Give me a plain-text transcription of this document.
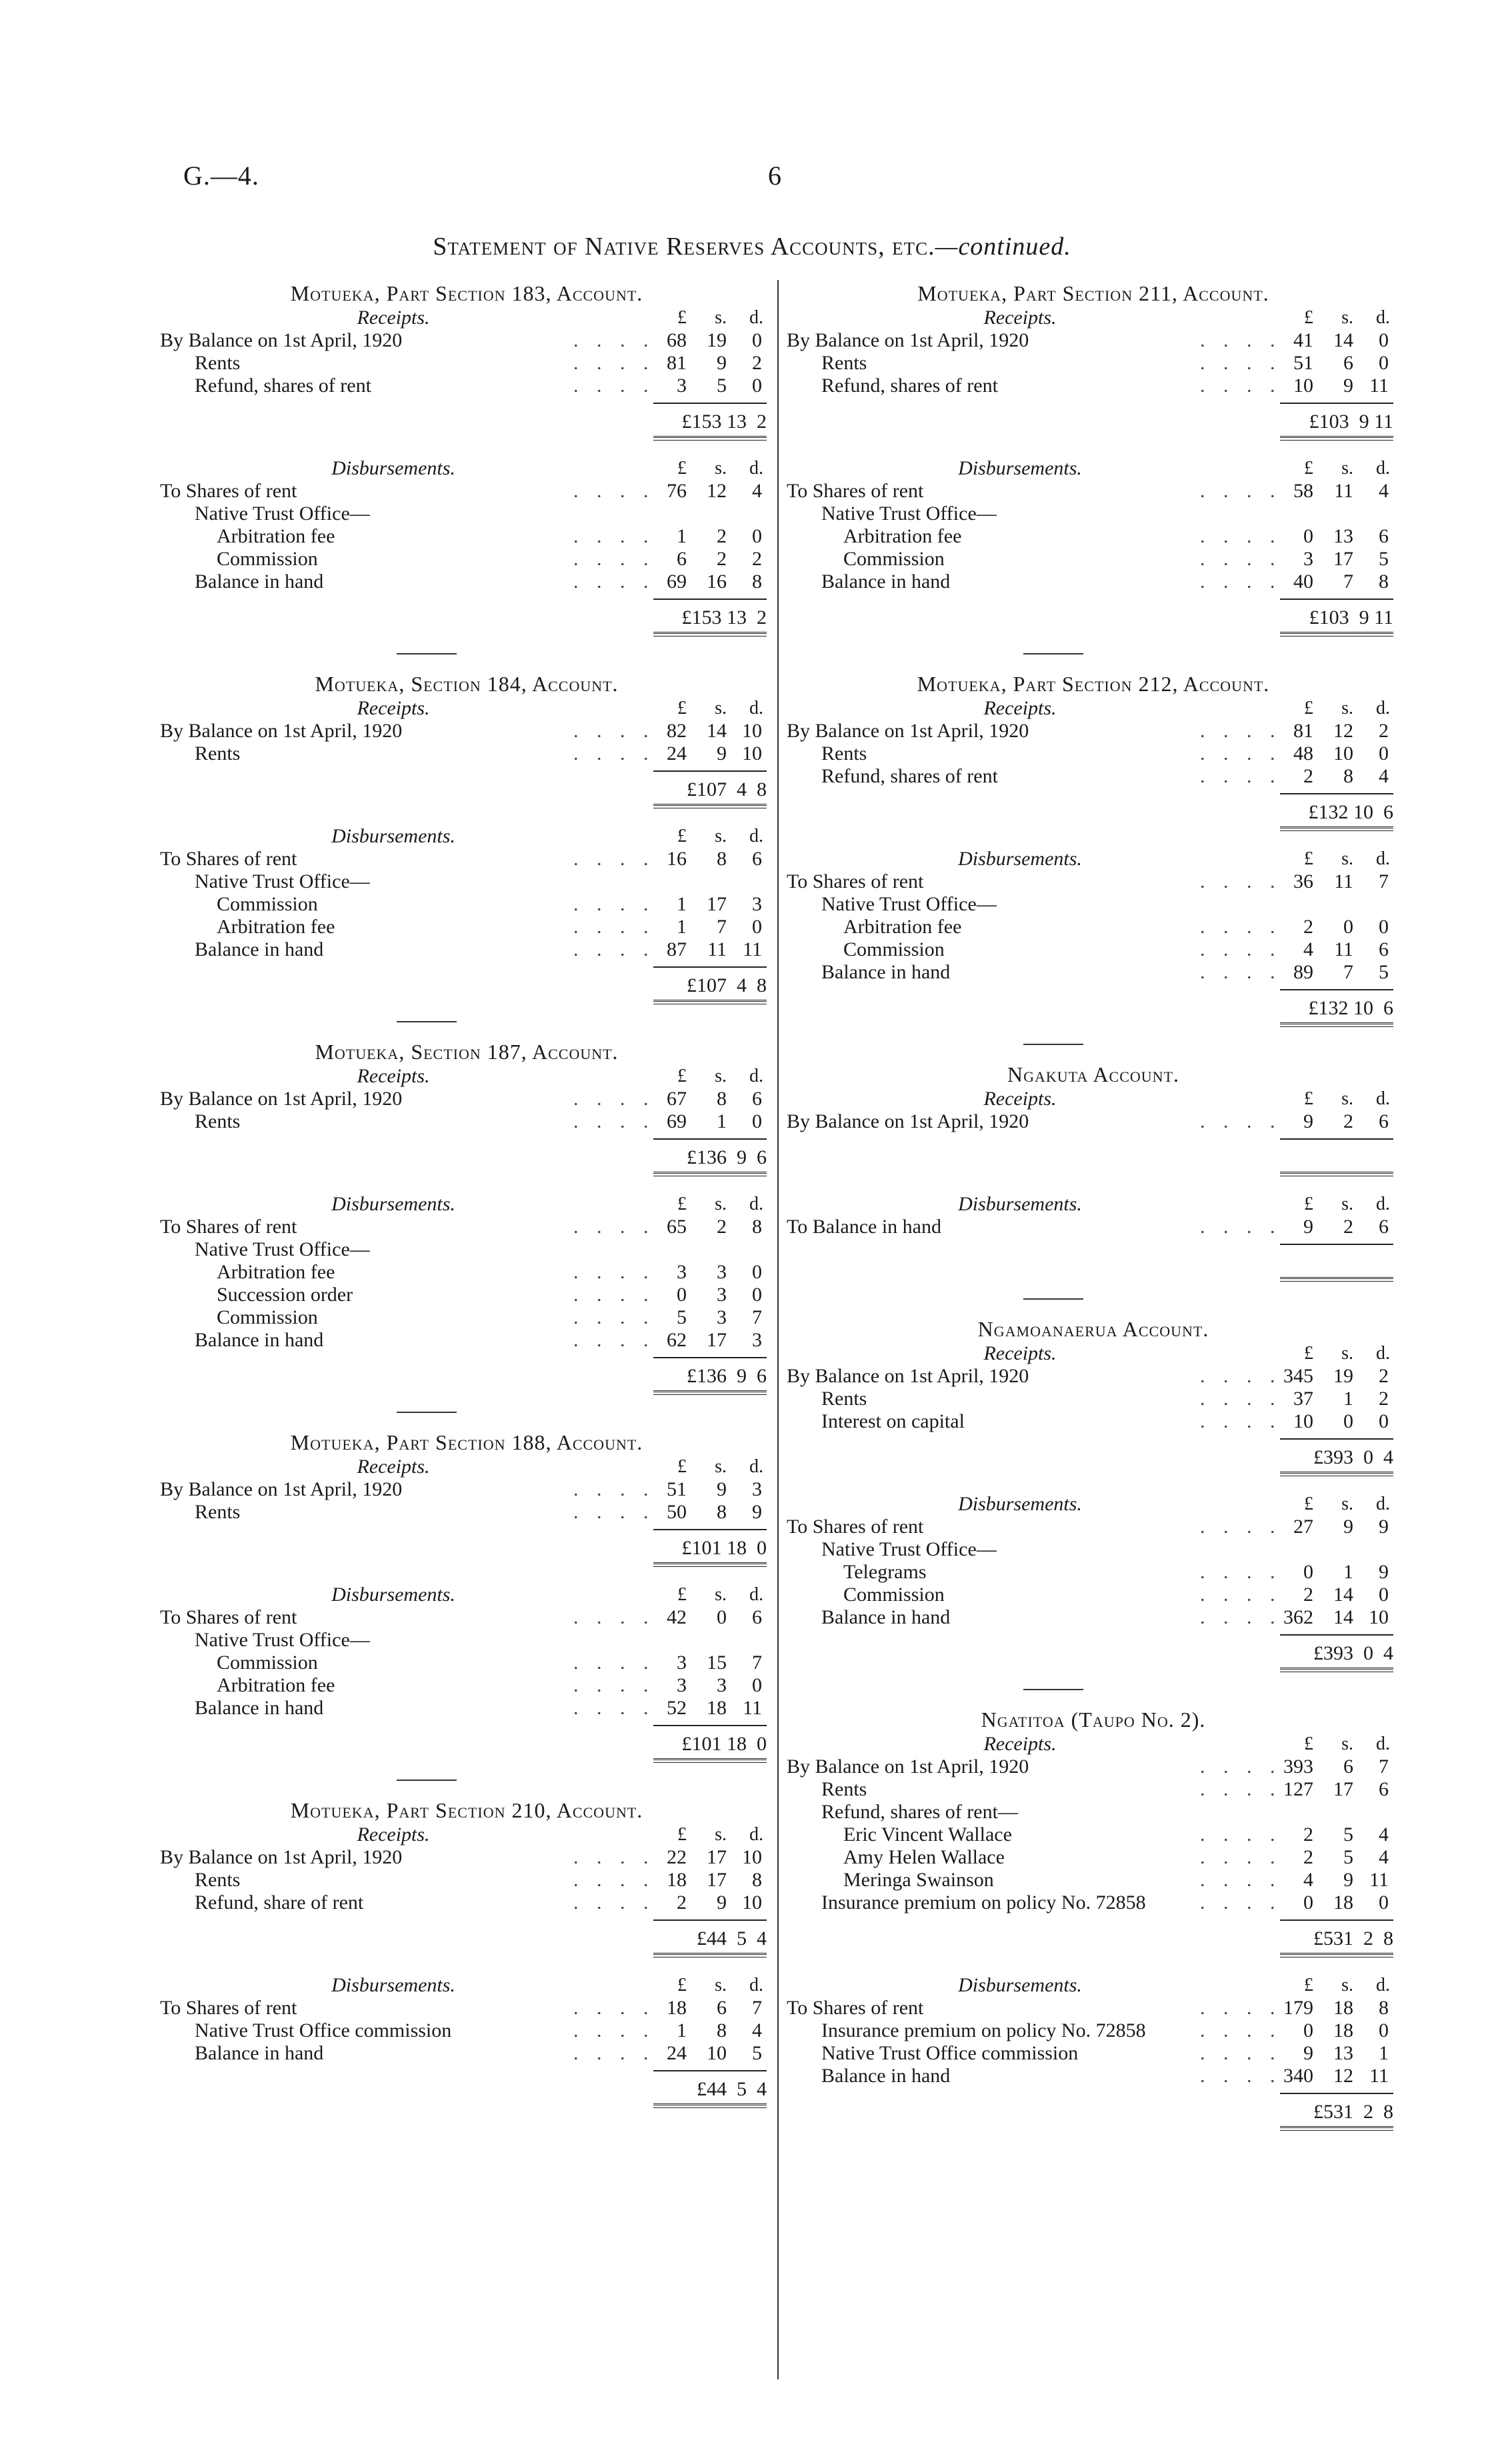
G.—4.	6
Statement of Native Reserves Accounts, etc.—continued.
Motueka, Part Section 183, Account.
Receipts.	£	s.	d.
By Balance on 1st April, 1920	. . . . 68	19	0
Rents	. . . . 81	9	2
Refund, shares of rent	. . . .	3	5	0
£153 13  2
Disbursements.	£	s.	d.
To Shares of rent	. . . . 76	12	4
Native Trust Office—
Arbitration fee	. . . .	1	2	0
Commission	. . . .	6	2	2
Balance in hand	. . . . 69	16	8
£153 13  2
Motueka, Section 184, Account.
Receipts.	£	s.	d.
By Balance on 1st April, 1920	. . . . 82	14 10
Rents	. . . . 24	9 10
£107  4  8
Disbursements.	£	s.	d.
To Shares of rent	. . . . 16	8	6
Native Trust Office—
Commission	. . . .	1	17	3
Arbitration fee	. . . .	1	7	0
Balance in hand	. . . . 87	11 11
£107  4  8
Motueka, Section 187, Account.
Receipts.	£	s.	d.
By Balance on 1st April, 1920	. . . . 67	8	6
Rents	. . . . 69	1	0
£136  9  6
Disbursements.	£	s.	d.
To Shares of rent	. . . . 65	2	8
Native Trust Office—
Arbitration fee	. . . .	3	3	0
Succession order	. . . .	0	3	0
Commission	. . . .	5	3	7
Balance in hand	. . . . 62	17	3
£136  9  6
Motueka, Part Section 188, Account.
Receipts.	£	s.	d.
By Balance on 1st April, 1920	. . . . 51	9	3
Rents	. . . . 50	8	9
£101 18  0
Disbursements.	£	s.	d.
To Shares of rent	. . . . 42	0	6
Native Trust Office—
Commission	. . . .	3	15	7
Arbitration fee	. . . .	3	3	0
Balance in hand	. . . . 52	18 11
£101 18  0
Motueka, Part Section 210, Account.
Receipts.	£	s.	d.
By Balance on 1st April, 1920	. . . . 22	17 10
Rents	. . . . 18	17	8
Refund, share of rent	. . . .	2	9 10
£44  5  4
Disbursements.	£	s.	d.
To Shares of rent	. . . . 18	6	7
Native Trust Office commission	. . . .	1	8	4
Balance in hand	. . . . 24	10	5
£44  5  4
Motueka, Part Section 211, Account.
Receipts.	£	s.	d.
By Balance on 1st April, 1920	. . . . 41	14	0
Rents	. . . . 51	6	0
Refund, shares of rent	. . . . 10	9 11
£103  9 11
Disbursements.	£	s.	d.
To Shares of rent	. . . . 58	11	4
Native Trust Office—
Arbitration fee	. . . .	0	13	6
Commission	. . . .	3	17	5
Balance in hand	. . . . 40	7	8
£103  9 11
Motueka, Part Section 212, Account.
Receipts.	£	s.	d.
By Balance on 1st April, 1920	. . . . 81	12	2
Rents	. . . . 48	10	0
Refund, shares of rent	. . . .	2	8	4
£132 10  6
Disbursements.	£	s.	d.
To Shares of rent	. . . . 36	11	7
Native Trust Office—
Arbitration fee	. . . .	2	0	0
Commission	. . . .	4	11	6
Balance in hand	. . . . 89	7	5
£132 10  6
Ngakuta Account.
Receipts.	£	s.	d.
By Balance on 1st April, 1920	. . . .	9	2	6
Disbursements.	£	s.	d.
To Balance in hand	. . . .	9	2	6
Ngamoanaerua Account.
Receipts.	£	s.	d.
By Balance on 1st April, 1920	. . . . 345	19	2
Rents	. . . . 37	1	2
Interest on capital	. . . . 10	0	0
£393  0  4
Disbursements.	£	s.	d.
To Shares of rent	. . . . 27	9	9
Native Trust Office—
Telegrams	. . . .	0	1	9
Commission	. . . .	2	14	0
Balance in hand	. . . . 362	14 10
£393  0  4
Ngatitoa (Taupo No. 2).
Receipts.	£	s.	d.
By Balance on 1st April, 1920	. . . . 393	6	7
Rents	. . . . 127	17	6
Refund, shares of rent—
Eric Vincent Wallace	. . . .	2	5	4
Amy Helen Wallace	. . . .	2	5	4
Meringa Swainson	. . . .	4	9 11
Insurance premium on policy No. 72858	. . . .	0	18	0
£531  2  8
Disbursements.	£	s.	d.
To Shares of rent	. . . . 179	18	8
Insurance premium on policy No. 72858	. . . .	0	18	0
Native Trust Office commission	. . . .	9	13	1
Balance in hand	. . . . 340	12 11
£531  2  8
